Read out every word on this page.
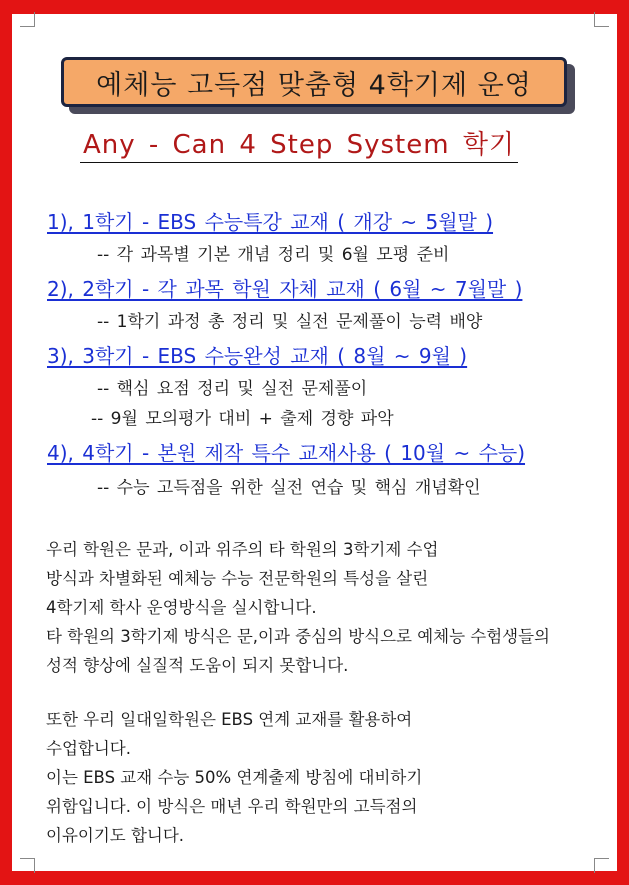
예체능 고득점 맞춤형 4학기제 운영
Any - Can 4 Step System 학기
1), 1학기 - EBS 수능특강 교재 ( 개강 ~ 5월말 )
-- 각 과목별 기본 개념 정리 및 6월 모평 준비
2), 2학기 - 각 과목 학원 자체 교재 ( 6월 ~ 7월말 )
-- 1학기 과정 총 정리 및 실전 문제풀이 능력 배양
3), 3학기 - EBS 수능완성 교재 ( 8월 ~ 9월 )
-- 핵심 요점 정리 및 실전 문제풀이
-- 9월 모의평가 대비 + 출제 경향 파악
4), 4학기 - 본원 제작 특수 교재사용 ( 10월 ~ 수능)
-- 수능 고득점을 위한 실전 연습 및 핵심 개념확인
우리 학원은 문과, 이과 위주의 타 학원의 3학기제 수업
방식과 차별화된 예체능 수능 전문학원의 특성을 살린
4학기제 학사 운영방식을 실시합니다.
타 학원의 3학기제 방식은 문,이과 중심의 방식으로 예체능 수험생들의
성적 향상에 실질적 도움이 되지 못합니다.
또한 우리 일대일학원은 EBS 연계 교재를 활용하여
수업합니다.
이는 EBS 교재 수능 50% 연계출제 방침에 대비하기
위함입니다. 이 방식은 매년 우리 학원만의 고득점의
이유이기도 합니다.
